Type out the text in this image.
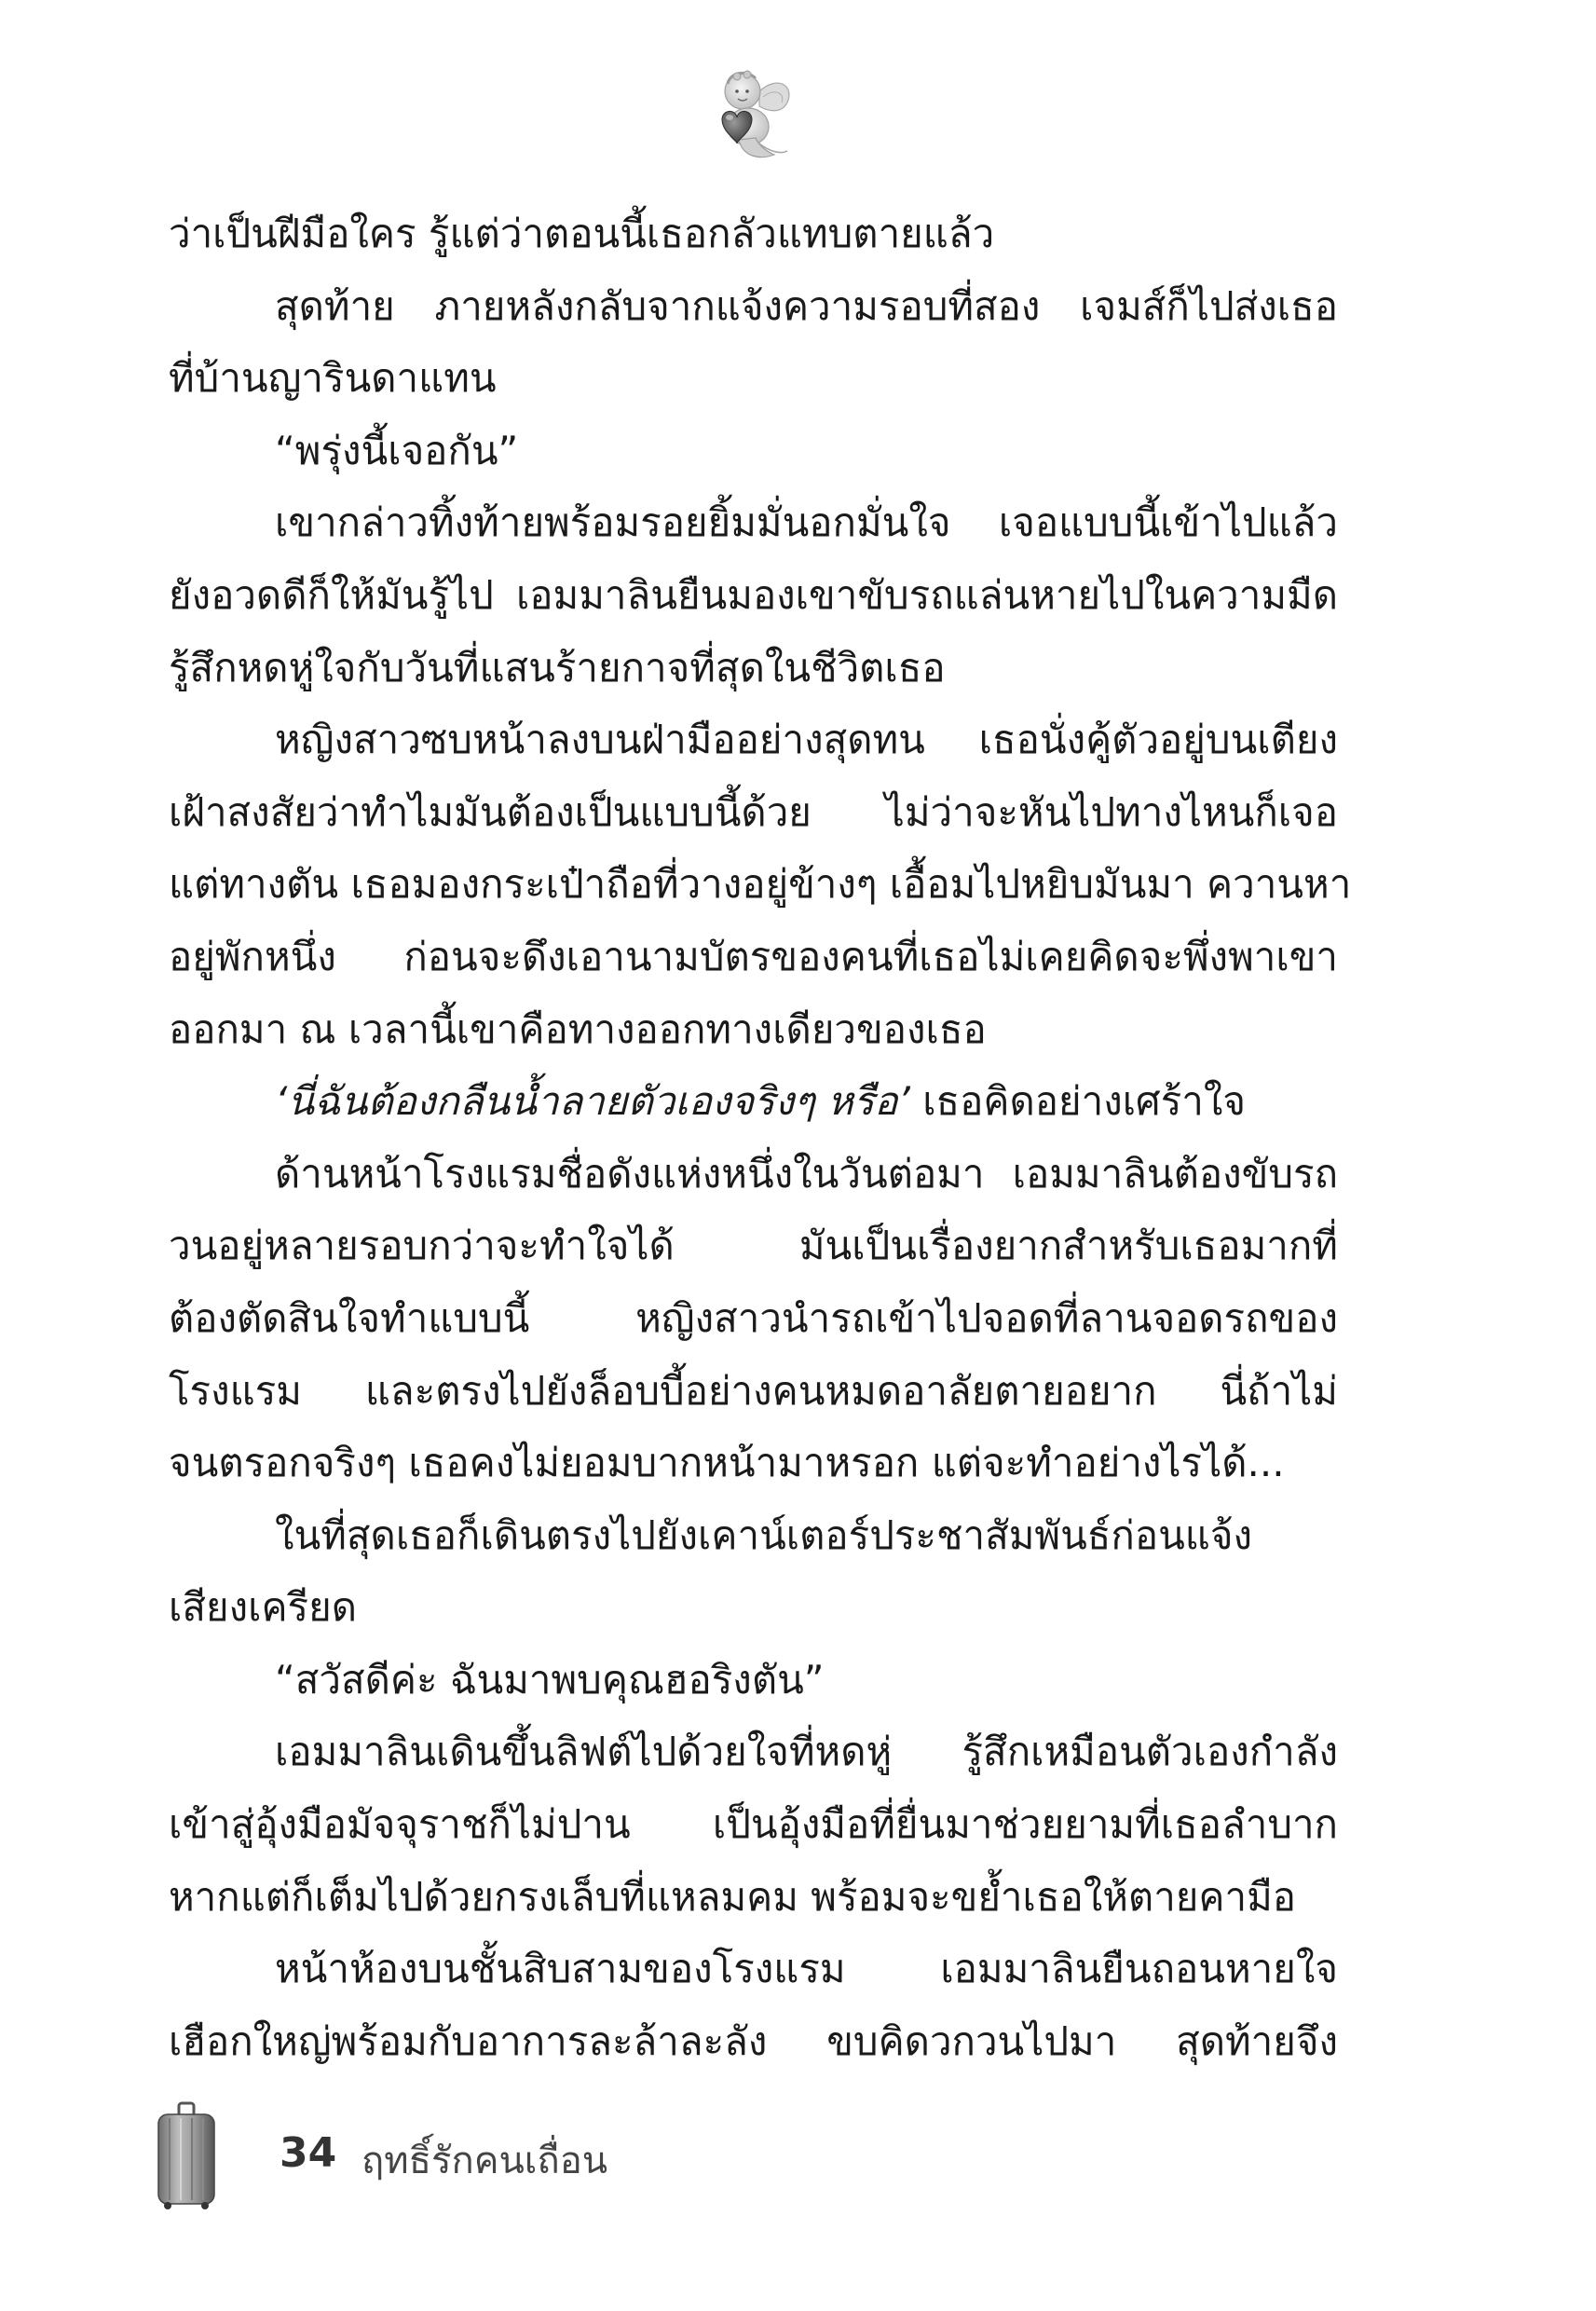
ว่าเป็นฝีมือใคร รู้แต่ว่าตอนนี้เธอกลัวแทบตายแล้ว
สุดท้าย ภายหลังกลับจากแจ้งความรอบที่สอง เจมส์ก็ไปส่งเธอ
ที่บ้านญารินดาแทน
“พรุ่งนี้เจอกัน”
เขากล่าวทิ้งท้ายพร้อมรอยยิ้มมั่นอกมั่นใจ เจอแบบนี้เข้าไปแล้ว
ยังอวดดีก็ให้มันรู้ไป เอมมาลินยืนมองเขาขับรถแล่นหายไปในความมืด
รู้สึกหดหู่ใจกับวันที่แสนร้ายกาจที่สุดในชีวิตเธอ
หญิงสาวซบหน้าลงบนฝ่ามืออย่างสุดทน เธอนั่งคู้ตัวอยู่บนเตียง
เฝ้าสงสัยว่าทำไมมันต้องเป็นแบบนี้ด้วย ไม่ว่าจะหันไปทางไหนก็เจอ
แต่ทางตัน เธอมองกระเป๋าถือที่วางอยู่ข้างๆ เอื้อมไปหยิบมันมา ควานหา
อยู่พักหนึ่ง ก่อนจะดึงเอานามบัตรของคนที่เธอไม่เคยคิดจะพึ่งพาเขา
ออกมา ณ เวลานี้เขาคือทางออกทางเดียวของเธอ
‘นี่ฉันต้องกลืนน้ำลายตัวเองจริงๆ หรือ’ เธอคิดอย่างเศร้าใจ
ด้านหน้าโรงแรมชื่อดังแห่งหนึ่งในวันต่อมา เอมมาลินต้องขับรถ
วนอยู่หลายรอบกว่าจะทำใจได้ มันเป็นเรื่องยากสำหรับเธอมากที่
ต้องตัดสินใจทำแบบนี้ หญิงสาวนำรถเข้าไปจอดที่ลานจอดรถของ
โรงแรม และตรงไปยังล็อบบี้อย่างคนหมดอาลัยตายอยาก นี่ถ้าไม่
จนตรอกจริงๆ เธอคงไม่ยอมบากหน้ามาหรอก แต่จะทำอย่างไรได้...
ในที่สุดเธอก็เดินตรงไปยังเคาน์เตอร์ประชาสัมพันธ์ก่อนแจ้ง
เสียงเครียด
“สวัสดีค่ะ ฉันมาพบคุณฮอริงตัน”
เอมมาลินเดินขึ้นลิฟต์ไปด้วยใจที่หดหู่ รู้สึกเหมือนตัวเองกำลัง
เข้าสู่อุ้งมือมัจจุราชก็ไม่ปาน เป็นอุ้งมือที่ยื่นมาช่วยยามที่เธอลำบาก
หากแต่ก็เต็มไปด้วยกรงเล็บที่แหลมคม พร้อมจะขย้ำเธอให้ตายคามือ
หน้าห้องบนชั้นสิบสามของโรงแรม เอมมาลินยืนถอนหายใจ
เฮือกใหญ่พร้อมกับอาการละล้าละลัง ขบคิดวกวนไปมา สุดท้ายจึง
34 ฤทธิ์รักคนเถื่อน
